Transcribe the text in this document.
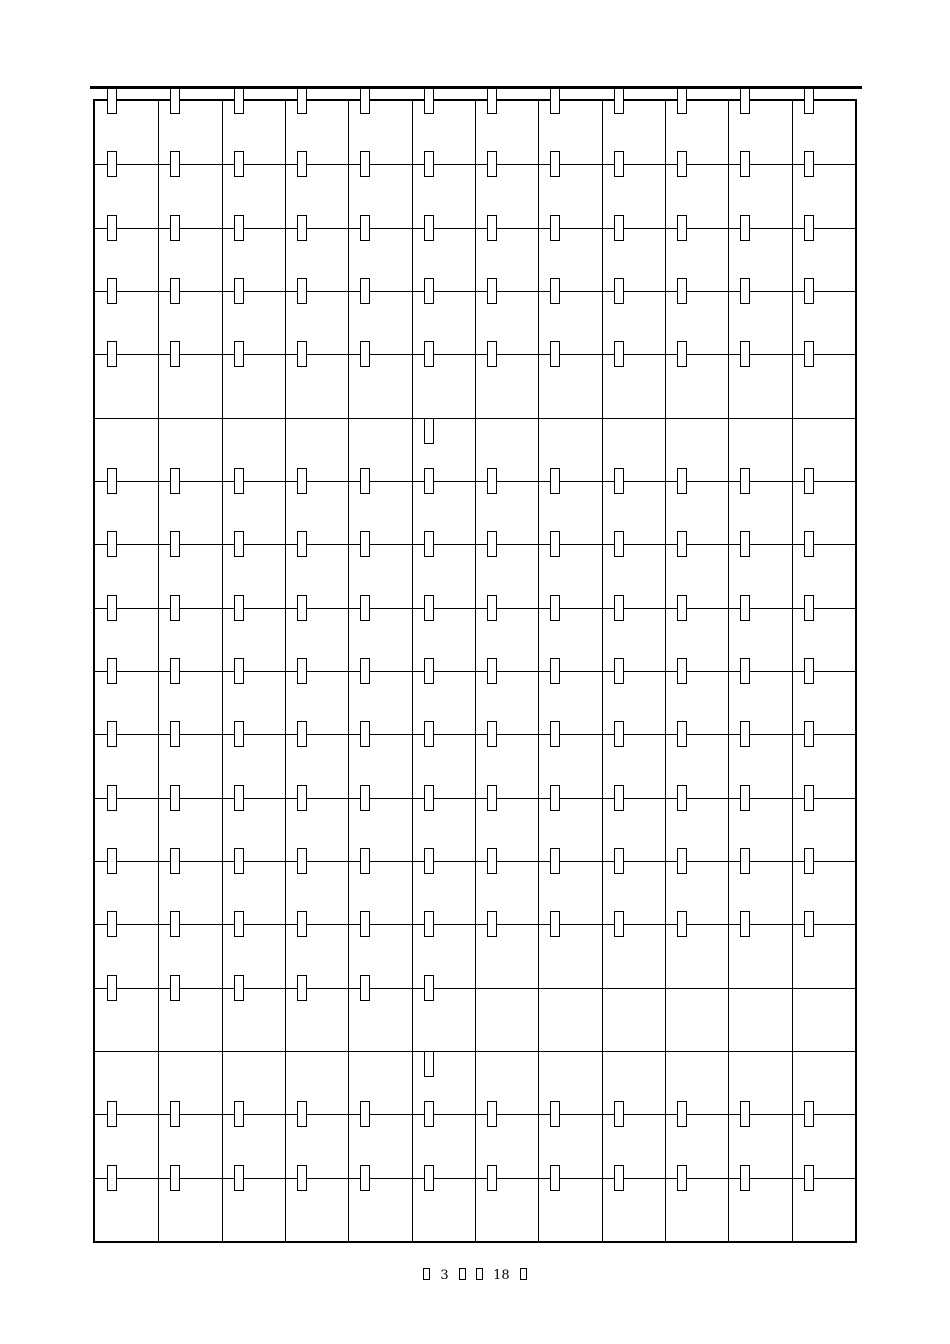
3	18
